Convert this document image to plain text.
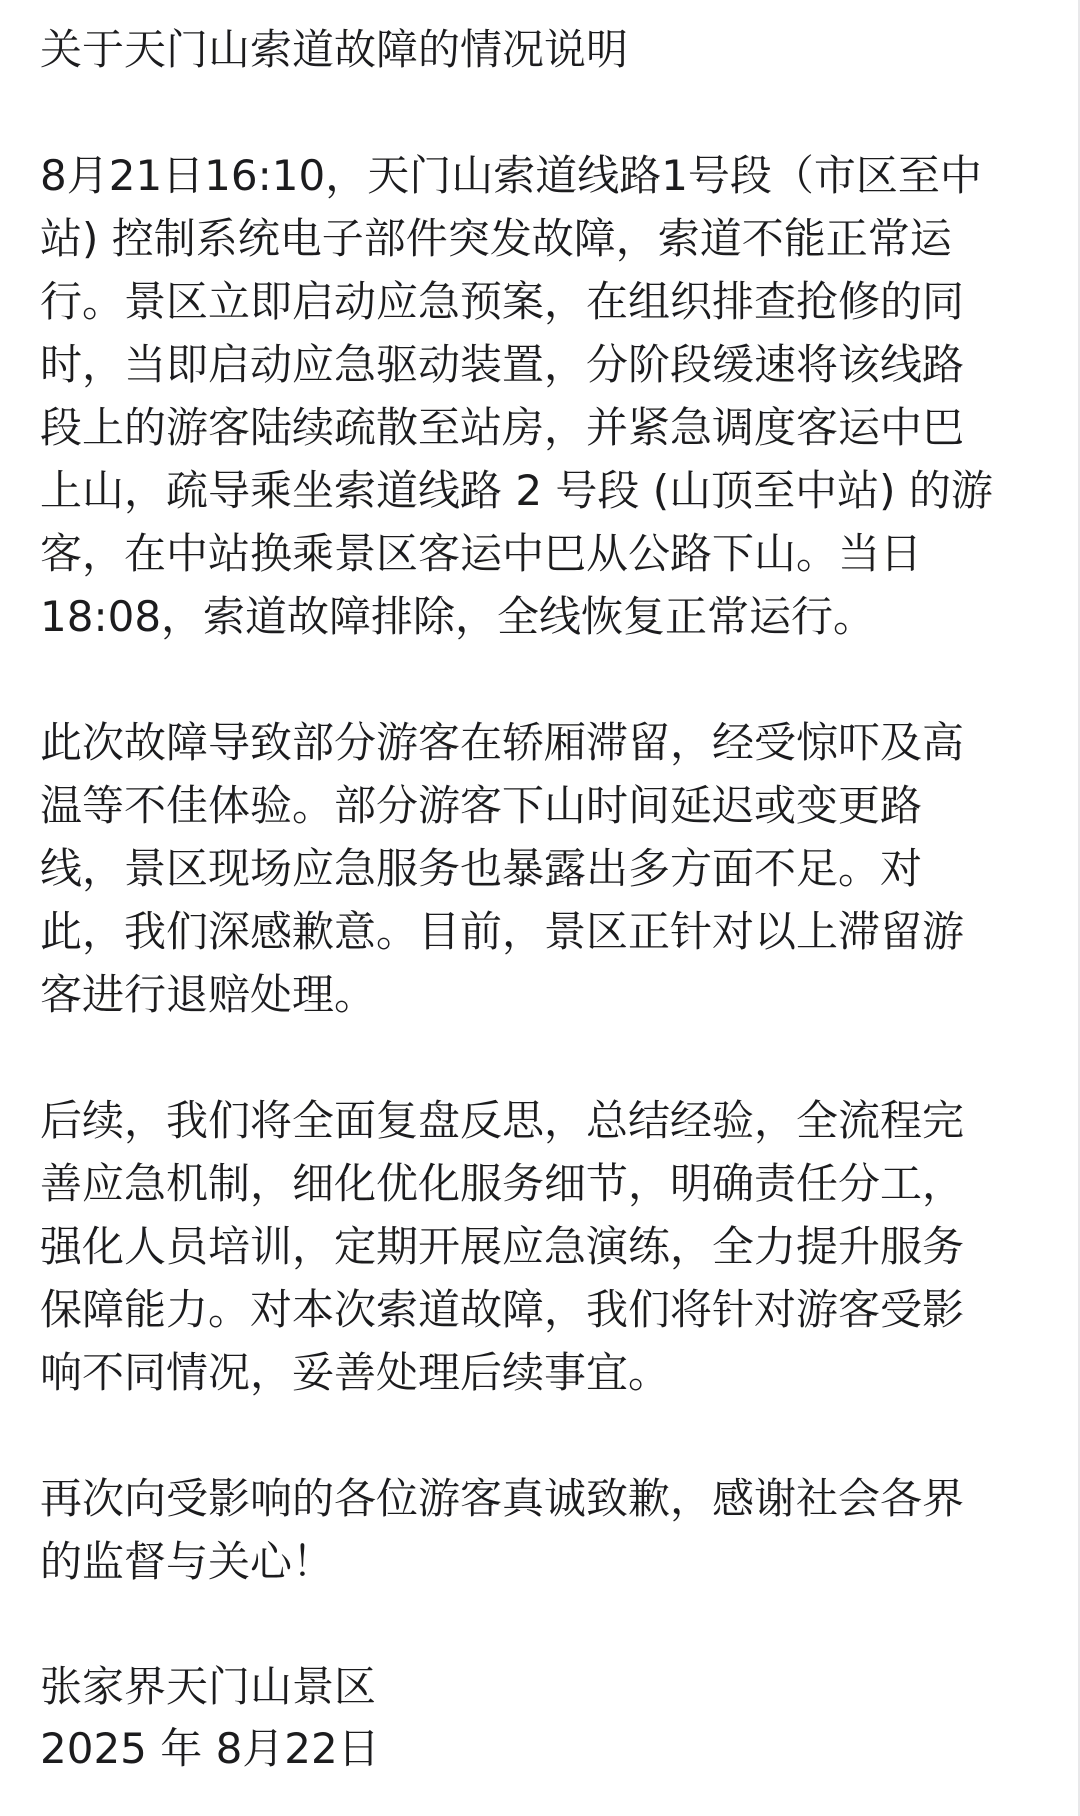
关于天门山索道故障的情况说明
8月21日16:10，天门山索道线路1号段（市区至中
站) 控制系统电子部件突发故障，索道不能正常运
行。景区立即启动应急预案，在组织排查抢修的同
时，当即启动应急驱动装置，分阶段缓速将该线路
段上的游客陆续疏散至站房，并紧急调度客运中巴
上山，疏导乘坐索道线路 2 号段 (山顶至中站) 的游
客，在中站换乘景区客运中巴从公路下山。当日
18:08，索道故障排除，全线恢复正常运行。
此次故障导致部分游客在轿厢滞留，经受惊吓及高
温等不佳体验。部分游客下山时间延迟或变更路
线，景区现场应急服务也暴露出多方面不足。对
此，我们深感歉意。目前，景区正针对以上滞留游
客进行退赔处理。
后续，我们将全面复盘反思，总结经验，全流程完
善应急机制，细化优化服务细节，明确责任分工，
强化人员培训，定期开展应急演练，全力提升服务
保障能力。对本次索道故障，我们将针对游客受影
响不同情况，妥善处理后续事宜。
再次向受影响的各位游客真诚致歉，感谢社会各界
的监督与关心！
张家界天门山景区
2025 年 8月22日
